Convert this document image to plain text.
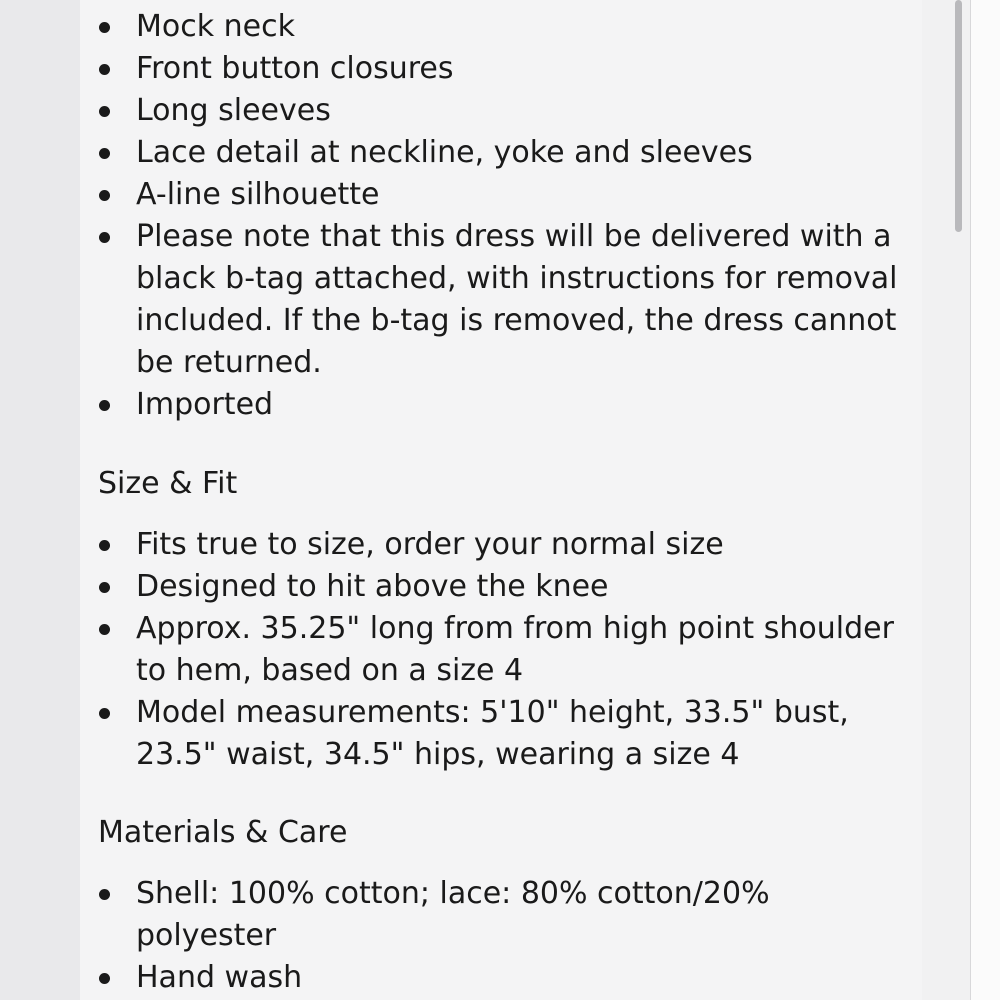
Mock neck
Front button closures
Long sleeves
Lace detail at neckline, yoke and sleeves
A-line silhouette
Please note that this dress will be delivered with a black b-tag attached, with instructions for removal included. If the b-tag is removed, the dress cannot be returned.
Imported
Size & Fit
Fits true to size, order your normal size
Designed to hit above the knee
Approx. 35.25" long from from high point shoulder to hem, based on a size 4
Model measurements: 5'10" height, 33.5" bust, 23.5" waist, 34.5" hips, wearing a size 4
Materials & Care
Shell: 100% cotton; lace: 80% cotton/20% polyester
Hand wash
